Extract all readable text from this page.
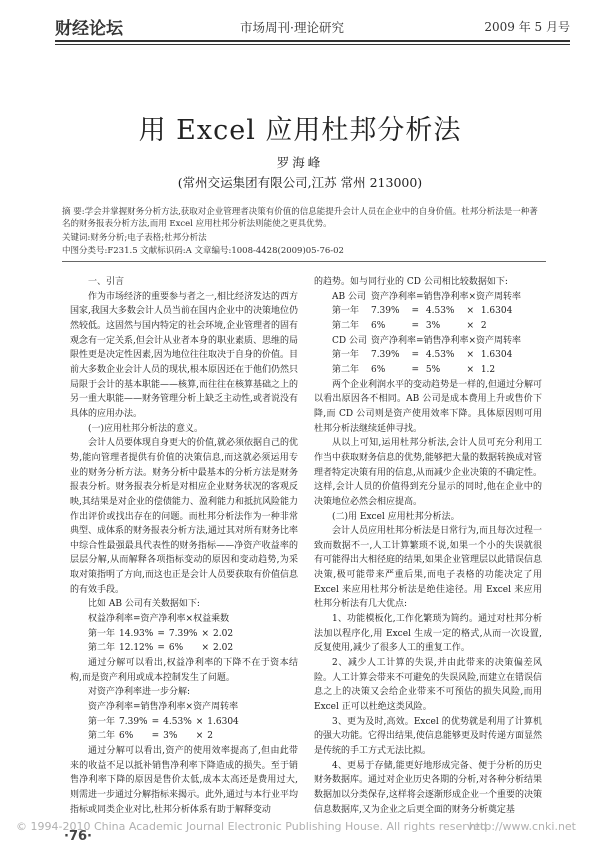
财经论坛	市场周刊·理论研究	2009 年 5 月号
用 Excel 应用杜邦分析法
罗海峰
(常州交运集团有限公司,江苏 常州 213000)
摘 要:学会并掌握财务分析方法,获取对企业管理者决策有价值的信息能提升会计人员在企业中的自身价值。杜邦分析法是一种著名的财务报表分析方法,而用 Excel 应用杜邦分析法则能使之更具优势。
关键词:财务分析;电子表格;杜邦分析法
中图分类号:F231.5 文献标识码:A 文章编号:1008-4428(2009)05-76-02

一、引言

作为市场经济的重要参与者之一,相比经济发达的西方国家,我国大多数会计人员当前在国内企业中的决策地位仍然较低。这固然与国内特定的社会环境,企业管理者的固有观念有一定关系,但会计从业者本身的职业素质、思维的局限性更是决定性因素,因为地位往往取决于自身的价值。目前大多数企业会计人员的现状,根本原因还在于他们仍然只局限于会计的基本职能——核算,而往往在核算基础之上的另一重大职能——财务管理分析上缺乏主动性,或者说没有具体的应用办法。

(一)应用杜邦分析法的意义。

会计人员要体现自身更大的价值,就必须依据自己的优势,能向管理者提供有价值的决策信息,而这就必须运用专业的财务分析方法。财务分析中最基本的分析方法是财务报表分析。财务报表分析是对相应企业财务状况的客观反映,其结果是对企业的偿债能力、盈利能力和抵抗风险能力作出评价或找出存在的问题。而杜邦分析法作为一种非常典型、成体系的财务报表分析方法,通过其对所有财务比率中综合性最强最具代表性的财务指标——净资产收益率的层层分解,从而解释各项指标变动的原因和变动趋势,为采取对策指明了方向,而这也正是会计人员要获取有价值信息的有效手段。

比如 AB 公司有关数据如下:

权益净利率=资产净利率×权益乘数

第一年	14.93%	=	7.39%	×	2.02
第二年	12.12%	=	6%	×	2.02

通过分解可以看出,权益净利率的下降不在于资本结构,而是资产利用或成本控制发生了问题。

对资产净利率进一步分解:

资产净利率=销售净利率×资产周转率

第一年	7.39%	=	4.53%	×	1.6304
第二年	6%	=	3%	×	2

通过分解可以看出,资产的使用效率提高了,但由此带来的收益不足以抵补销售净利率下降造成的损失。至于销售净利率下降的原因是售价太低,成本太高还是费用过大,则需进一步通过分解指标来揭示。此外,通过与本行业平均指标或同类企业对比,杜邦分析体系有助于解释变动

的趋势。如与同行业的 CD 公司相比较数据如下:

AB 公司	资产净利率=销售净利率×资产周转率				
第一年	7.39%	=	4.53%	×	1.6304
第二年	6%	=	3%	×	2
CD 公司	资产净利率=销售净利率×资产周转率				
第一年	7.39%	=	4.53%	×	1.6304
第二年	6%	=	5%	×	1.2

两个企业利润水平的变动趋势是一样的,但通过分解可以看出原因各不相同。AB 公司是成本费用上升或售价下降,而 CD 公司则是资产使用效率下降。具体原因则可用杜邦分析法继续延伸寻找。

从以上可知,运用杜邦分析法,会计人员可充分利用工作当中获取财务信息的优势,能够把大量的数据转换成对管理者特定决策有用的信息,从而减少企业决策的不确定性。这样,会计人员的价值得到充分显示的同时,他在企业中的决策地位必然会相应提高。

(二)用 Excel 应用杜邦分析法。

会计人员应用杜邦分析法是日常行为,而且每次过程一致而数据不一,人工计算繁琐不说,如果一个小的失误就很有可能得出大相径庭的结果,如果企业管理层以此错误信息决策,极可能带来严重后果,而电子表格的功能决定了用 Excel 来应用杜邦分析法是绝佳途径。用 Excel 来应用杜邦分析法有几大优点:

1、功能模板化,工作化繁琐为简约。通过对杜邦分析法加以程序化,用 Excel 生成一定的格式,从而一次设置,反复使用,减少了很多人工的重复工作。

2、减少人工计算的失误,并由此带来的决策偏差风险。人工计算会带来不可避免的失误风险,而建立在错误信息之上的决策又会给企业带来不可预估的损失风险,而用 Excel 正可以杜绝这类风险。

3、更为及时,高效。Excel 的优势就是利用了计算机的强大功能。它得出结果,使信息能够更及时传递方面显然是传统的手工方式无法比拟。

4、更易于存储,能更好地形成完备、便于分析的历史财务数据库。通过对企业历史各期的分析,对各种分析结果数据加以分类保存,这样将会逐渐形成企业一个重要的决策信息数据库,又为企业之后更全面的财务分析奠定基

© 1994-2010 China Academic Journal Electronic Publishing House. All rights reserved.
·76·
http://www.cnki.net
